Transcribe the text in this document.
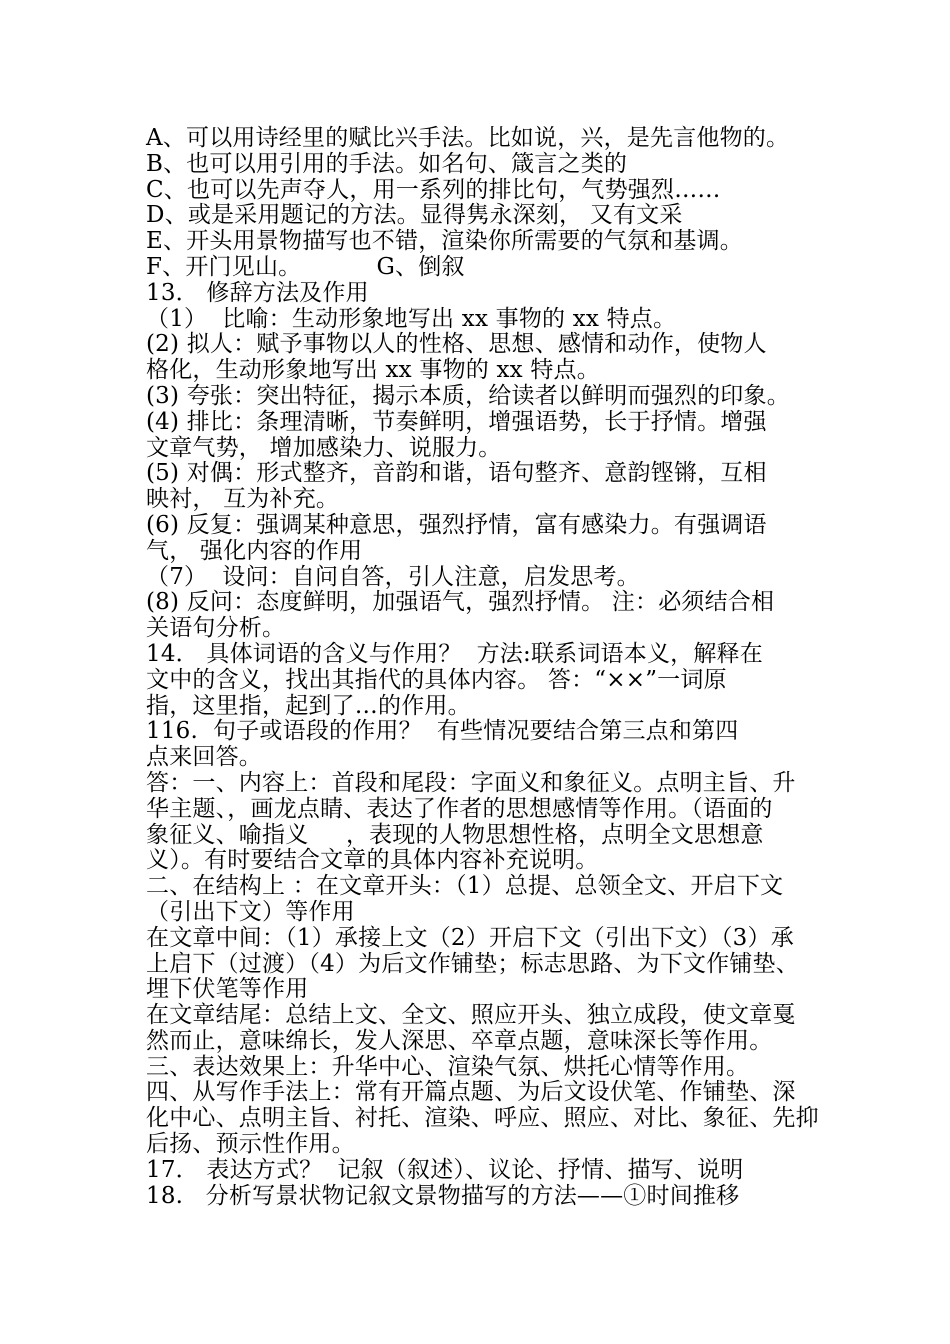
A、可以用诗经里的赋比兴手法。比如说，兴，是先言他物的。
B、也可以用引用的手法。如名句、箴言之类的
C、也可以先声夺人，用一系列的排比句，气势强烈……
D、或是采用题记的方法。显得隽永深刻， 又有文采
E、开头用景物描写也不错，渲染你所需要的气氛和基调。
F、开门见山。          G、倒叙
13． 修辞方法及作用
（1）  比喻：生动形象地写出 xx 事物的 xx 特点。
(2) 拟人：赋予事物以人的性格、思想、感情和动作，使物人
格化，生动形象地写出 xx 事物的 xx 特点。
(3) 夸张：突出特征，揭示本质，给读者以鲜明而强烈的印象。
(4) 排比：条理清晰，节奏鲜明，增强语势，长于抒情。增强
文章气势， 增加感染力、说服力。
(5) 对偶：形式整齐，音韵和谐，语句整齐、意韵铿锵，互相
映衬， 互为补充。
(6) 反复：强调某种意思，强烈抒情，富有感染力。有强调语
气， 强化内容的作用
（7）  设问：自问自答，引人注意，启发思考。
(8) 反问：态度鲜明，加强语气，强烈抒情。 注：必须结合相
关语句分析。
14． 具体词语的含义与作用？  方法:联系词语本义，解释在
文中的含义，找出其指代的具体内容。 答：“××”一词原
指，这里指，起到了…的作用。
116.  句子或语段的作用？  有些情况要结合第三点和第四
点来回答。
答：一、内容上：首段和尾段：字面义和象征义。点明主旨、升
华主题、，画龙点睛、表达了作者的思想感情等作用。（语面的
象征义、喻指义     ，表现的人物思想性格，点明全文思想意
义）。有时要结合文章的具体内容补充说明。
二、在结构上 ：在文章开头：（1）总提、总领全文、开启下文
（引出下文）等作用
在文章中间：（1）承接上文（2）开启下文（引出下文）（3）承
上启下（过渡）（4）为后文作铺垫；标志思路、为下文作铺垫、
埋下伏笔等作用
在文章结尾：总结上文、全文、照应开头、独立成段，使文章戛
然而止，意味绵长，发人深思、卒章点题，意味深长等作用。
三、表达效果上：升华中心、渲染气氛、烘托心情等作用。
四、从写作手法上：常有开篇点题、为后文设伏笔、作铺垫、深
化中心、点明主旨、衬托、渲染、呼应、照应、对比、象征、先抑
后扬、预示性作用。
17． 表达方式？  记叙（叙述）、议论、抒情、描写、说明
18.   分析写景状物记叙文景物描写的方法——①时间推移
